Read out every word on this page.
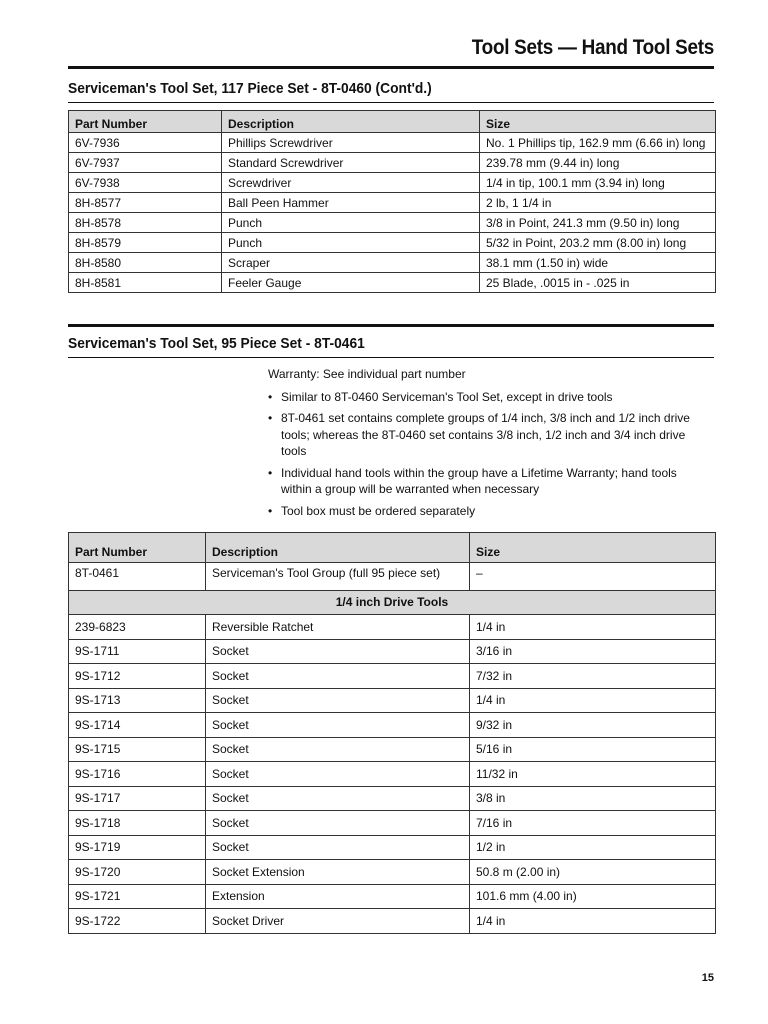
Tool Sets — Hand Tool Sets
Serviceman's Tool Set, 117 Piece Set - 8T-0460 (Cont'd.)
Part Number	Description	Size
6V-7936	Phillips Screwdriver	No. 1 Phillips tip, 162.9 mm (6.66 in) long
6V-7937	Standard Screwdriver	239.78 mm (9.44 in) long
6V-7938	Screwdriver	1/4 in tip, 100.1 mm (3.94 in) long
8H-8577	Ball Peen Hammer	2 lb, 1 1/4 in
8H-8578	Punch	3/8 in Point, 241.3 mm (9.50 in) long
8H-8579	Punch	5/32 in Point, 203.2 mm (8.00 in) long
8H-8580	Scraper	38.1 mm (1.50 in) wide
8H-8581	Feeler Gauge	25 Blade, .0015 in - .025 in
Serviceman's Tool Set, 95 Piece Set - 8T-0461

Warranty: See individual part number

• Similar to 8T-0460 Serviceman's Tool Set, except in drive tools
• 8T-0461 set contains complete groups of 1/4 inch, 3/8 inch and 1/2 inch drive tools; whereas the 8T-0460 set contains 3/8 inch, 1/2 inch and 3/4 inch drive tools
• Individual hand tools within the group have a Lifetime Warranty; hand tools within a group will be warranted when necessary
• Tool box must be ordered separately
Part Number	Description	Size
8T-0461	Serviceman's Tool Group (full 95 piece set)	–
1/4 inch Drive Tools		
239-6823	Reversible Ratchet	1/4 in
9S-1711	Socket	3/16 in
9S-1712	Socket	7/32 in
9S-1713	Socket	1/4 in
9S-1714	Socket	9/32 in
9S-1715	Socket	5/16 in
9S-1716	Socket	11/32 in
9S-1717	Socket	3/8 in
9S-1718	Socket	7/16 in
9S-1719	Socket	1/2 in
9S-1720	Socket Extension	50.8 m (2.00 in)
9S-1721	Extension	101.6 mm (4.00 in)
9S-1722	Socket Driver	1/4 in
15
